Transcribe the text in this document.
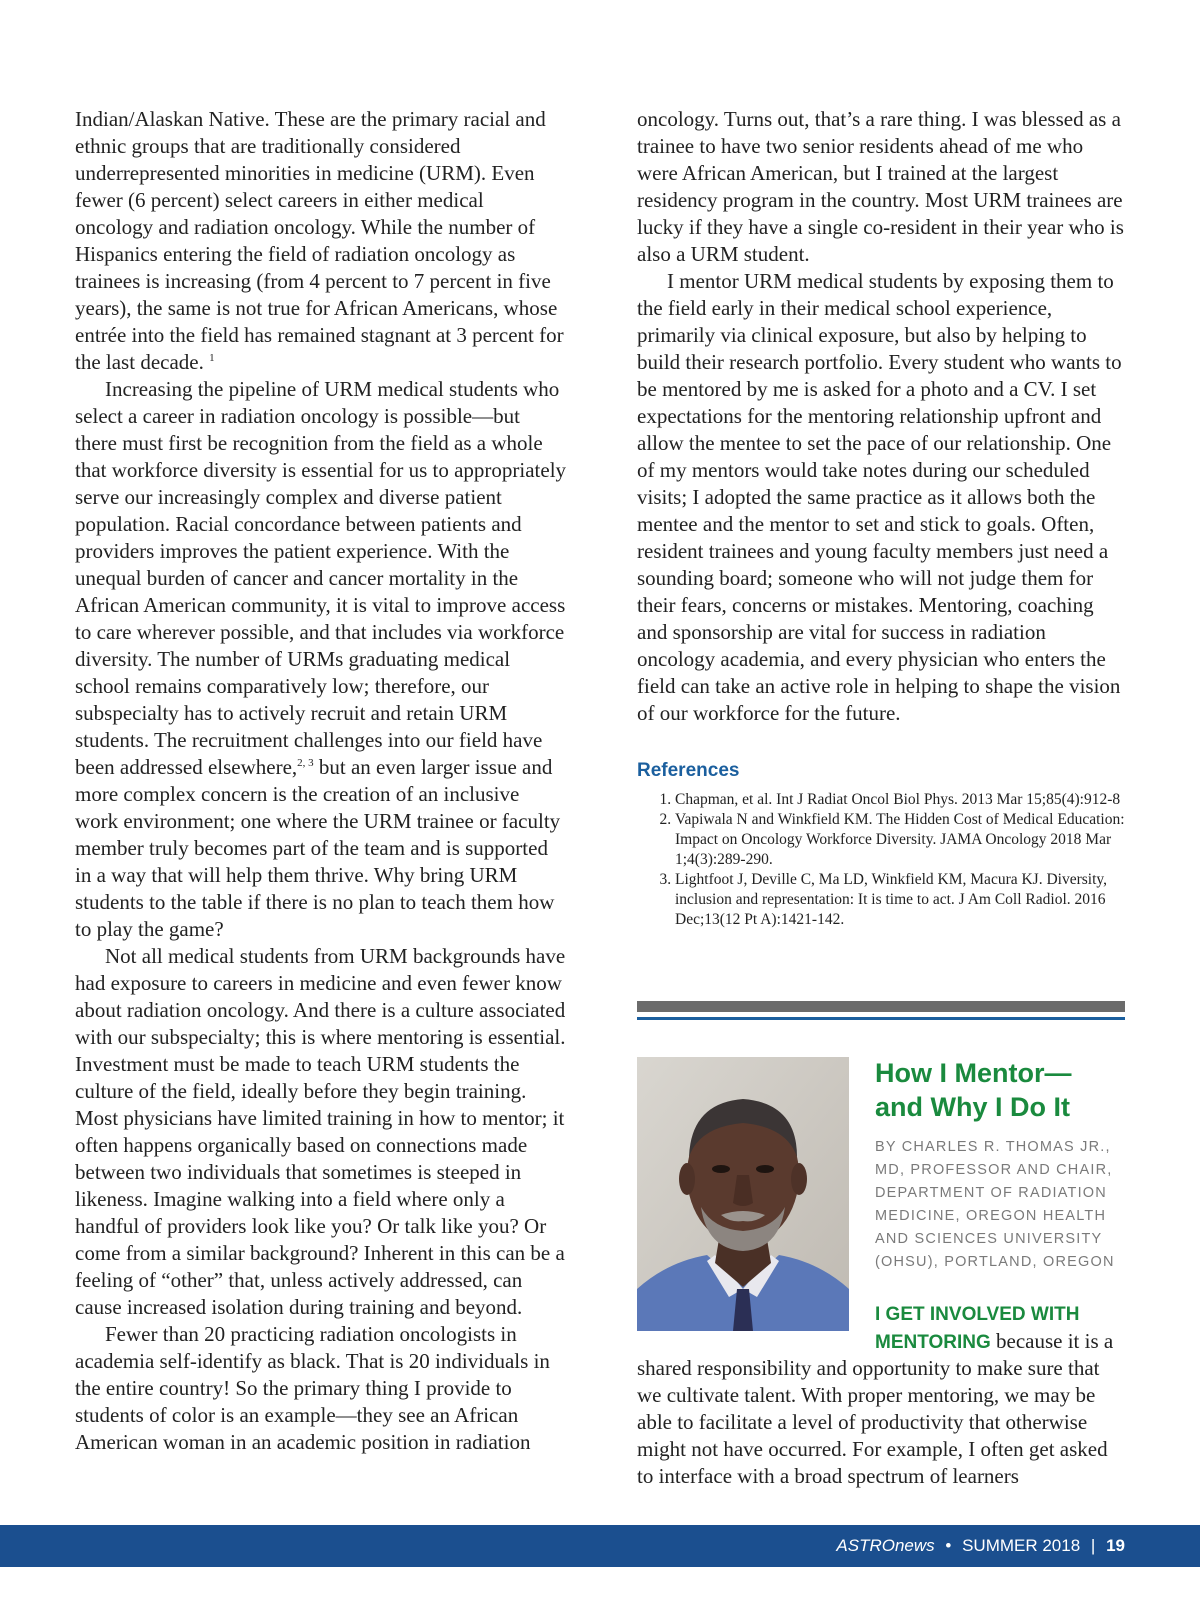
Indian/Alaskan Native. These are the primary racial and ethnic groups that are traditionally considered underrepresented minorities in medicine (URM). Even fewer (6 percent) select careers in either medical oncology and radiation oncology. While the number of Hispanics entering the field of radiation oncology as trainees is increasing (from 4 percent to 7 percent in five years), the same is not true for African Americans, whose entrée into the field has remained stagnant at 3 percent for the last decade. $^1$

Increasing the pipeline of URM medical students who select a career in radiation oncology is possible—but there must first be recognition from the field as a whole that workforce diversity is essential for us to appropriately serve our increasingly complex and diverse patient population. Racial concordance between patients and providers improves the patient experience. With the unequal burden of cancer and cancer mortality in the African American community, it is vital to improve access to care wherever possible, and that includes via workforce diversity. The number of URMs graduating medical school remains comparatively low; therefore, our subspecialty has to actively recruit and retain URM students. The recruitment challenges into our field have been addressed elsewhere,$^{2, 3}$ but an even larger issue and more complex concern is the creation of an inclusive work environment; one where the URM trainee or faculty member truly becomes part of the team and is supported in a way that will help them thrive. Why bring URM students to the table if there is no plan to teach them how to play the game?

Not all medical students from URM backgrounds have had exposure to careers in medicine and even fewer know about radiation oncology. And there is a culture associated with our subspecialty; this is where mentoring is essential. Investment must be made to teach URM students the culture of the field, ideally before they begin training. Most physicians have limited training in how to mentor; it often happens organically based on connections made between two individuals that sometimes is steeped in likeness. Imagine walking into a field where only a handful of providers look like you? Or talk like you? Or come from a similar background? Inherent in this can be a feeling of “other” that, unless actively addressed, can cause increased isolation during training and beyond.

Fewer than 20 practicing radiation oncologists in academia self-identify as black. That is 20 individuals in the entire country! So the primary thing I provide to students of color is an example—they see an African American woman in an academic position in radiation

oncology. Turns out, that’s a rare thing. I was blessed as a trainee to have two senior residents ahead of me who were African American, but I trained at the largest residency program in the country. Most URM trainees are lucky if they have a single co-resident in their year who is also a URM student.

I mentor URM medical students by exposing them to the field early in their medical school experience, primarily via clinical exposure, but also by helping to build their research portfolio. Every student who wants to be mentored by me is asked for a photo and a CV. I set expectations for the mentoring relationship upfront and allow the mentee to set the pace of our relationship. One of my mentors would take notes during our scheduled visits; I adopted the same practice as it allows both the mentee and the mentor to set and stick to goals. Often, resident trainees and young faculty members just need a sounding board; someone who will not judge them for their fears, concerns or mistakes. Mentoring, coaching and sponsorship are vital for success in radiation oncology academia, and every physician who enters the field can take an active role in helping to shape the vision of our workforce for the future.

References
1. Chapman, et al. Int J Radiat Oncol Biol Phys. 2013 Mar 15;85(4):912-8
2. Vapiwala N and Winkfield KM. The Hidden Cost of Medical Education: Impact on Oncology Workforce Diversity. JAMA Oncology 2018 Mar 1;4(3):289-290.
3. Lightfoot J, Deville C, Ma LD, Winkfield KM, Macura KJ. Diversity, inclusion and representation: It is time to act. J Am Coll Radiol. 2016 Dec;13(12 Pt A):1421-142.
How I Mentor—
and Why I Do It
BY CHARLES R. THOMAS JR.,
MD, PROFESSOR AND CHAIR,
DEPARTMENT OF RADIATION
MEDICINE, OREGON HEALTH
AND SCIENCES UNIVERSITY
(OHSU), PORTLAND, OREGON
I GET INVOLVED WITH
MENTORING because it is a

shared responsibility and opportunity to make sure that we cultivate talent. With proper mentoring, we may be able to facilitate a level of productivity that otherwise might not have occurred. For example, I often get asked to interface with a broad spectrum of learners

ASTROnews • SUMMER 2018 | 19
